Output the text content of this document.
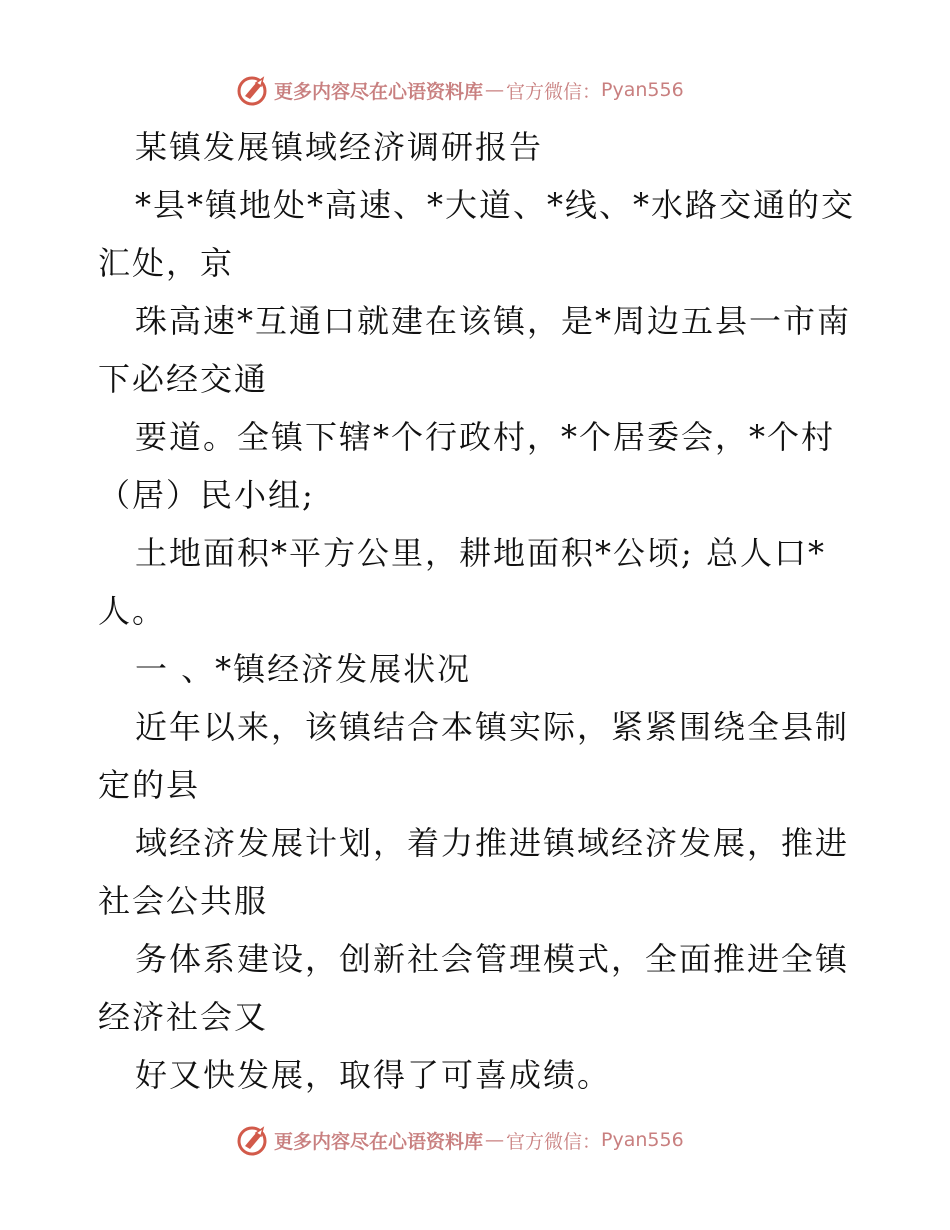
更多内容尽在心语资料库 — 官方微信： Pyan556
某镇发展镇域经济调研报告
*县*镇地处*高速、*大道、*线、*水路交通的交
汇处，京
珠高速*互通口就建在该镇，是*周边五县一市南
下必经交通
要道。全镇下辖*个行政村，*个居委会，*个村
（居）民小组;
土地面积*平方公里，耕地面积*公顷; 总人口*
人。
一 、*镇经济发展状况
近年以来，该镇结合本镇实际，紧紧围绕全县制
定的县
域经济发展计划，着力推进镇域经济发展，推进
社会公共服
务体系建设，创新社会管理模式，全面推进全镇
经济社会又
好又快发展，取得了可喜成绩。
更多内容尽在心语资料库 — 官方微信： Pyan556
